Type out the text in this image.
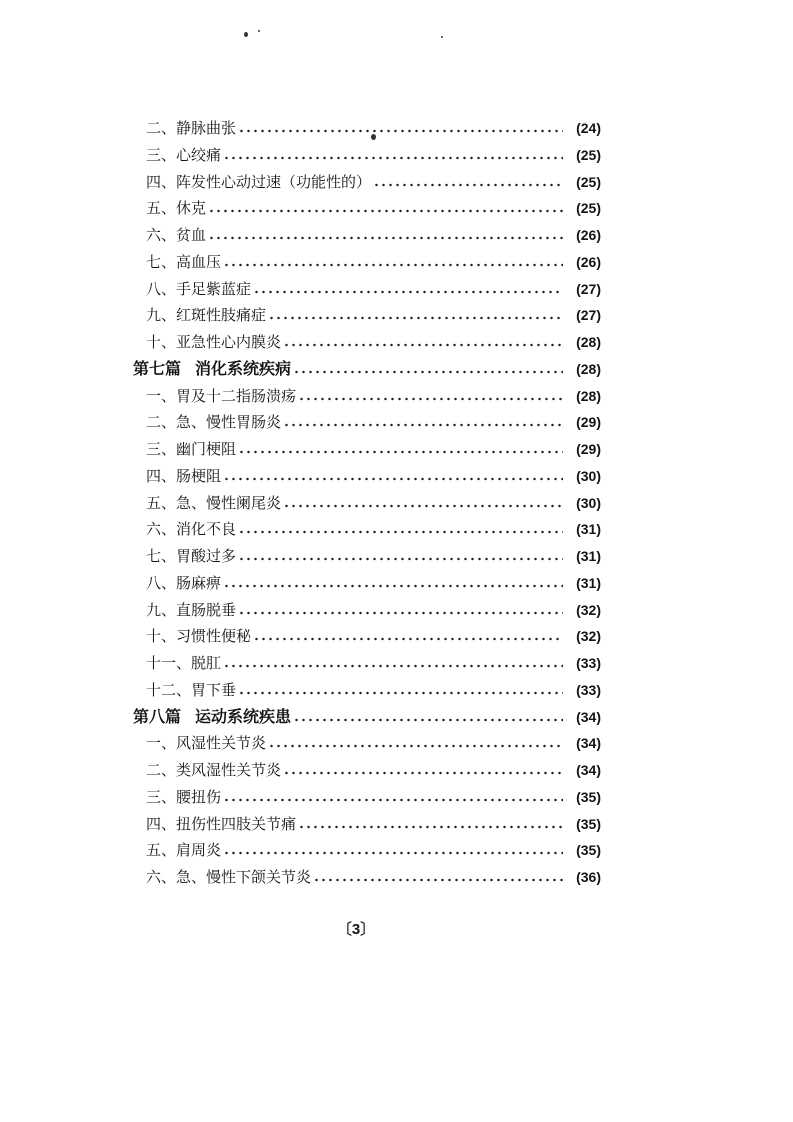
二、静脉曲张	(24)
三、心绞痛	(25)
四、阵发性心动过速（功能性的）	(25)
五、休克	(25)
六、贫血	(26)
七、高血压	(26)
八、手足紫蓝症	(27)
九、红斑性肢痛症	(27)
十、亚急性心内膜炎	(28)
第七篇 消化系统疾病	(28)
一、胃及十二指肠溃疡	(28)
二、急、慢性胃肠炎	(29)
三、幽门梗阻	(29)
四、肠梗阻	(30)
五、急、慢性阑尾炎	(30)
六、消化不良	(31)
七、胃酸过多	(31)
八、肠麻痹	(31)
九、直肠脱垂	(32)
十、习惯性便秘	(32)
十一、脱肛	(33)
十二、胃下垂	(33)
第八篇 运动系统疾患	(34)
一、风湿性关节炎	(34)
二、类风湿性关节炎	(34)
三、腰扭伤	(35)
四、扭伤性四肢关节痛	(35)
五、肩周炎	(35)
六、急、慢性下颌关节炎	(36)
〔3〕
